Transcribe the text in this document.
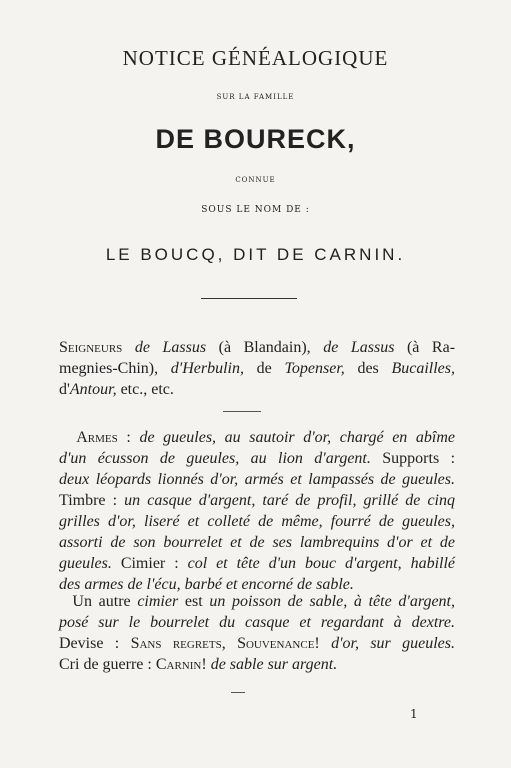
NOTICE GÉNÉALOGIQUE
SUR LA FAMILLE
DE BOURECK,
CONNUE
SOUS LE NOM DE :
LE BOUCQ, DIT DE CARNIN.
Seigneurs de Lassus (à Blandain), de Lassus (à Ra-
megnies-Chin), d'Herbulin, de Topenser, des Bucailles,
d'Antour, etc., etc.
Armes : de gueules, au sautoir d'or, chargé en abîme
d'un écusson de gueules, au lion d'argent. Supports :
deux léopards lionnés d'or, armés et lampassés de gueules.
Timbre : un casque d'argent, taré de profil, grillé de cinq
grilles d'or, liseré et colleté de même, fourré de gueules,
assorti de son bourrelet et de ses lambrequins d'or et de
gueules. Cimier : col et tête d'un bouc d'argent, habillé
des armes de l'écu, barbé et encorné de sable.
Un autre cimier est un poisson de sable, à tête d'argent,
posé sur le bourrelet du casque et regardant à dextre.
Devise : Sans regrets, Souvenance! d'or, sur gueules.
Cri de guerre : Carnin! de sable sur argent.
1
